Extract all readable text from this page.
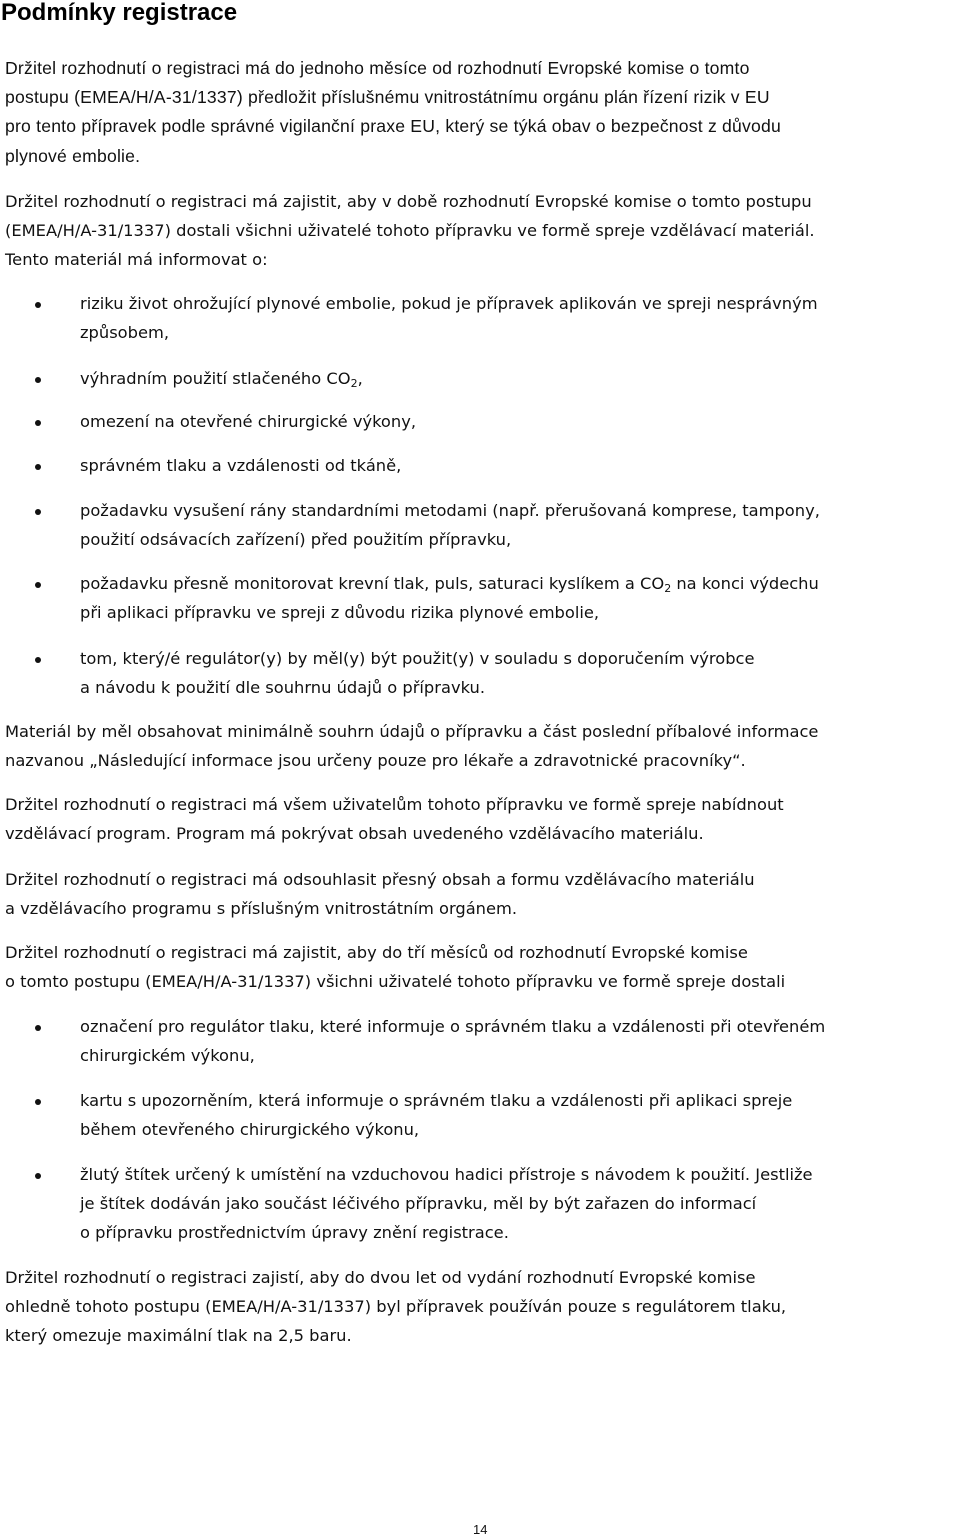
Podmínky registrace
Držitel rozhodnutí o registraci má do jednoho měsíce od rozhodnutí Evropské komise o tomto
postupu (EMEA/H/A-31/1337) předložit příslušnému vnitrostátnímu orgánu plán řízení rizik v EU
pro tento přípravek podle správné vigilanční praxe EU, který se týká obav o bezpečnost z důvodu
plynové embolie.
Držitel rozhodnutí o registraci má zajistit, aby v době rozhodnutí Evropské komise o tomto postupu
(EMEA/H/A-31/1337) dostali všichni uživatelé tohoto přípravku ve formě spreje vzdělávací materiál.
Tento materiál má informovat o:
riziku život ohrožující plynové embolie, pokud je přípravek aplikován ve spreji nesprávným
způsobem,
výhradním použití stlačeného $CO_2$,
omezení na otevřené chirurgické výkony,
správném tlaku a vzdálenosti od tkáně,
požadavku vysušení rány standardními metodami (např. přerušovaná komprese, tampony,
použití odsávacích zařízení) před použitím přípravku,
požadavku přesně monitorovat krevní tlak, puls, saturaci kyslíkem a $CO_2$ na konci výdechu
při aplikaci přípravku ve spreji z důvodu rizika plynové embolie,
tom, který/é regulátor(y) by měl(y) být použit(y) v souladu s doporučením výrobce
a návodu k použití dle souhrnu údajů o přípravku.
Materiál by měl obsahovat minimálně souhrn údajů o přípravku a část poslední příbalové informace
nazvanou „Následující informace jsou určeny pouze pro lékaře a zdravotnické pracovníky“.
Držitel rozhodnutí o registraci má všem uživatelům tohoto přípravku ve formě spreje nabídnout
vzdělávací program. Program má pokrývat obsah uvedeného vzdělávacího materiálu.
Držitel rozhodnutí o registraci má odsouhlasit přesný obsah a formu vzdělávacího materiálu
a vzdělávacího programu s příslušným vnitrostátním orgánem.
Držitel rozhodnutí o registraci má zajistit, aby do tří měsíců od rozhodnutí Evropské komise
o tomto postupu (EMEA/H/A-31/1337) všichni uživatelé tohoto přípravku ve formě spreje dostali
označení pro regulátor tlaku, které informuje o správném tlaku a vzdálenosti při otevřeném
chirurgickém výkonu,
kartu s upozorněním, která informuje o správném tlaku a vzdálenosti při aplikaci spreje
během otevřeného chirurgického výkonu,
žlutý štítek určený k umístění na vzduchovou hadici přístroje s návodem k použití. Jestliže
je štítek dodáván jako součást léčivého přípravku, měl by být zařazen do informací
o přípravku prostřednictvím úpravy znění registrace.
Držitel rozhodnutí o registraci zajistí, aby do dvou let od vydání rozhodnutí Evropské komise
ohledně tohoto postupu (EMEA/H/A-31/1337) byl přípravek používán pouze s regulátorem tlaku,
který omezuje maximální tlak na 2,5 baru.
14
